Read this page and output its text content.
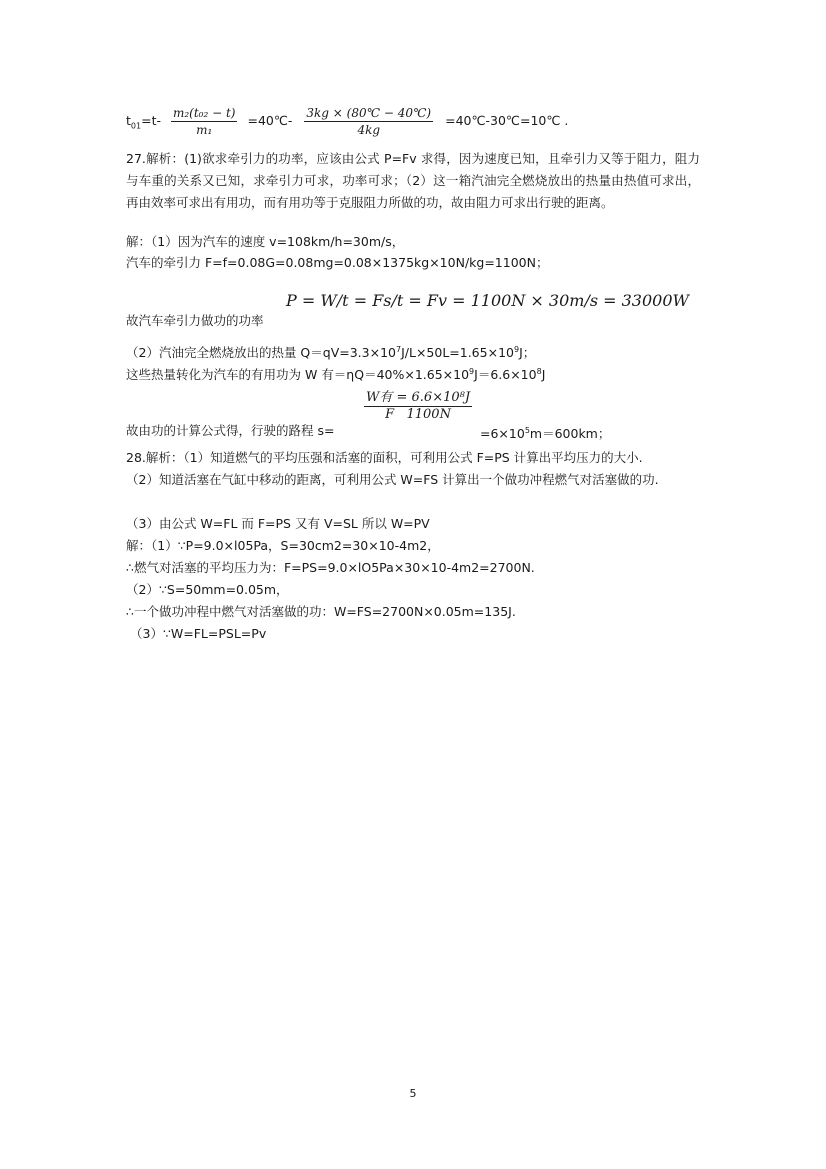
$t_{01}=t- \frac{\text{m₂(t₀₂ − t)}}{\text{m₁}}$ =40℃- $\frac{3kg \times (80℃ - 40℃)}{4kg}$ =40℃-30℃=10℃ .
27.解析：(1)欲求牵引力的功率，应该由公式 P=Fv 求得，因为速度已知，且牵引力又等于阻力，阻力与车重的关系又已知，求牵引力可求，功率可求；（2）这一箱汽油完全燃烧放出的热量由热值可求出，再由效率可求出有用功，而有用功等于克服阻力所做的功，故由阻力可求出行驶的距离。
解：（1）因为汽车的速度 v=108km/h=30m/s，
汽车的牵引力 F=f=0.08G=0.08mg=0.08×1375kg×10N/kg=1100N；
故汽车牵引力做功的功率
P = W/t = Fs/t = Fv = 1100N × 30m/s = 33000W
（2）汽油完全燃烧放出的热量 $Q=qV=3.3\times 10^7J/L\times 50L=1.65\times 10^9J$；
这些热量转化为汽车的有用功为 W 有$=\eta Q=40\%\times 1.65\times 10^9J=6.6\times 10^8J$
故由功的计算公式得，行驶的路程 s=
W有 = 6.6×10⁸J
F   1100N
$=6\times 10^5m=600km$；
28.解析：（1）知道燃气的平均压强和活塞的面积，可利用公式 F=PS 计算出平均压力的大小.
（2）知道活塞在气缸中移动的距离，可利用公式 W=FS 计算出一个做功冲程燃气对活塞做的功.
（3）由公式 W=FL 而 F=PS 又有 V=SL 所以 W=PV
解：（1）∵P=9.0×l05Pa，S=30cm2=30×10-4m2，
∴燃气对活塞的平均压力为：F=PS=9.0×lO5Pa×30×10-4m2=2700N.
（2）∵S=50mm=0.05m，
∴一个做功冲程中燃气对活塞做的功：W=FS=2700N×0.05m=135J.
（3）∵W=FL=PSL=Pv
5
